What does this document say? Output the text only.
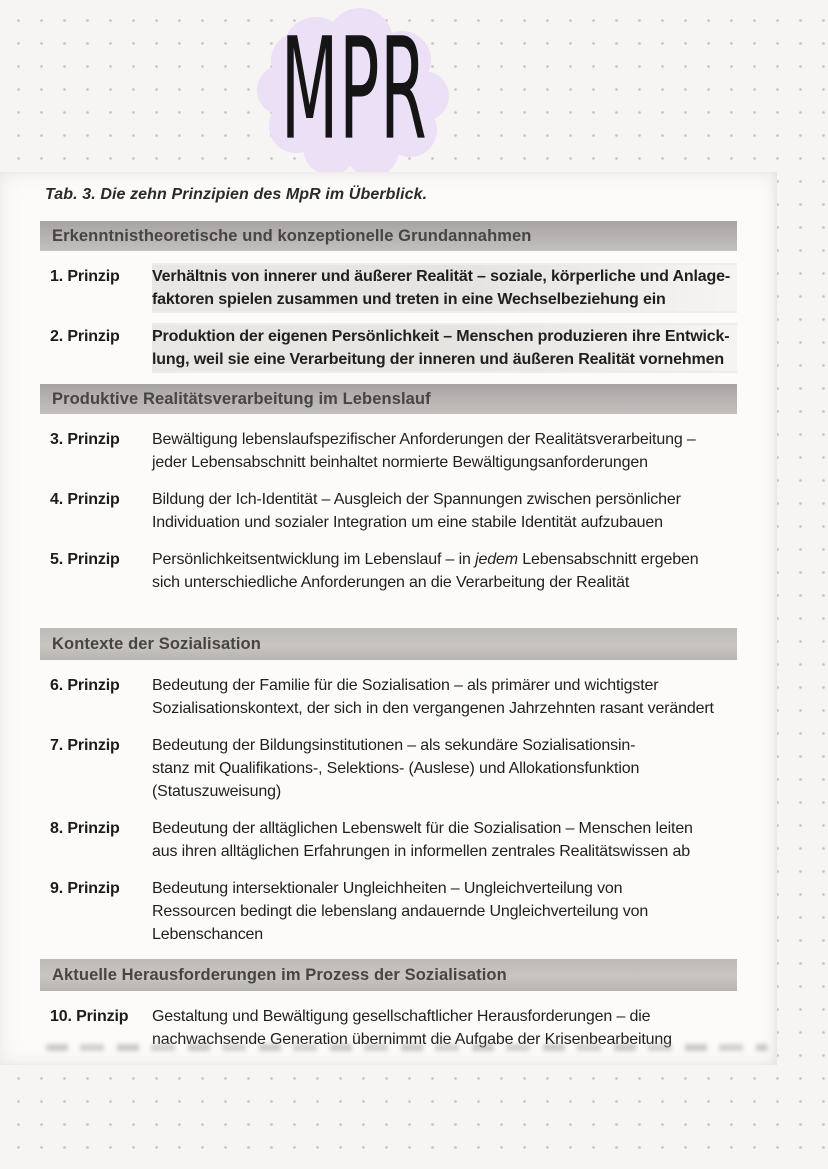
MPR
Tab. 3. Die zehn Prinzipien des MpR im Überblick.
Erkenntnistheoretische und konzeptionelle Grundannahmen
1. Prinzip	Verhältnis von innerer und äußerer Realität – soziale, körperliche und Anlage-
faktoren spielen zusammen und treten in eine Wechselbeziehung ein
2. Prinzip	Produktion der eigenen Persönlichkeit – Menschen produzieren ihre Entwick-
lung, weil sie eine Verarbeitung der inneren und äußeren Realität vornehmen
Produktive Realitätsverarbeitung im Lebenslauf
3. Prinzip	Bewältigung lebenslaufspezifischer Anforderungen der Realitätsverarbeitung –
jeder Lebensabschnitt beinhaltet normierte Bewältigungsanforderungen
4. Prinzip	Bildung der Ich-Identität – Ausgleich der Spannungen zwischen persönlicher
Individuation und sozialer Integration um eine stabile Identität aufzubauen
5. Prinzip	Persönlichkeitsentwicklung im Lebenslauf – in jedem Lebensabschnitt ergeben
sich unterschiedliche Anforderungen an die Verarbeitung der Realität
Kontexte der Sozialisation
6. Prinzip	Bedeutung der Familie für die Sozialisation – als primärer und wichtigster
Sozialisationskontext, der sich in den vergangenen Jahrzehnten rasant verändert
7. Prinzip	Bedeutung der Bildungsinstitutionen – als sekundäre Sozialisationsin-
stanz mit Qualifikations-, Selektions- (Auslese) und Allokationsfunktion
(Statuszuweisung)
8. Prinzip	Bedeutung der alltäglichen Lebenswelt für die Sozialisation – Menschen leiten
aus ihren alltäglichen Erfahrungen in informellen zentrales Realitätswissen ab
9. Prinzip	Bedeutung intersektionaler Ungleichheiten – Ungleichverteilung von
Ressourcen bedingt die lebenslang andauernde Ungleichverteilung von
Lebenschancen
Aktuelle Herausforderungen im Prozess der Sozialisation
10. Prinzip	Gestaltung und Bewältigung gesellschaftlicher Herausforderungen – die
nachwachsende Generation übernimmt die Aufgabe der Krisenbearbeitung
